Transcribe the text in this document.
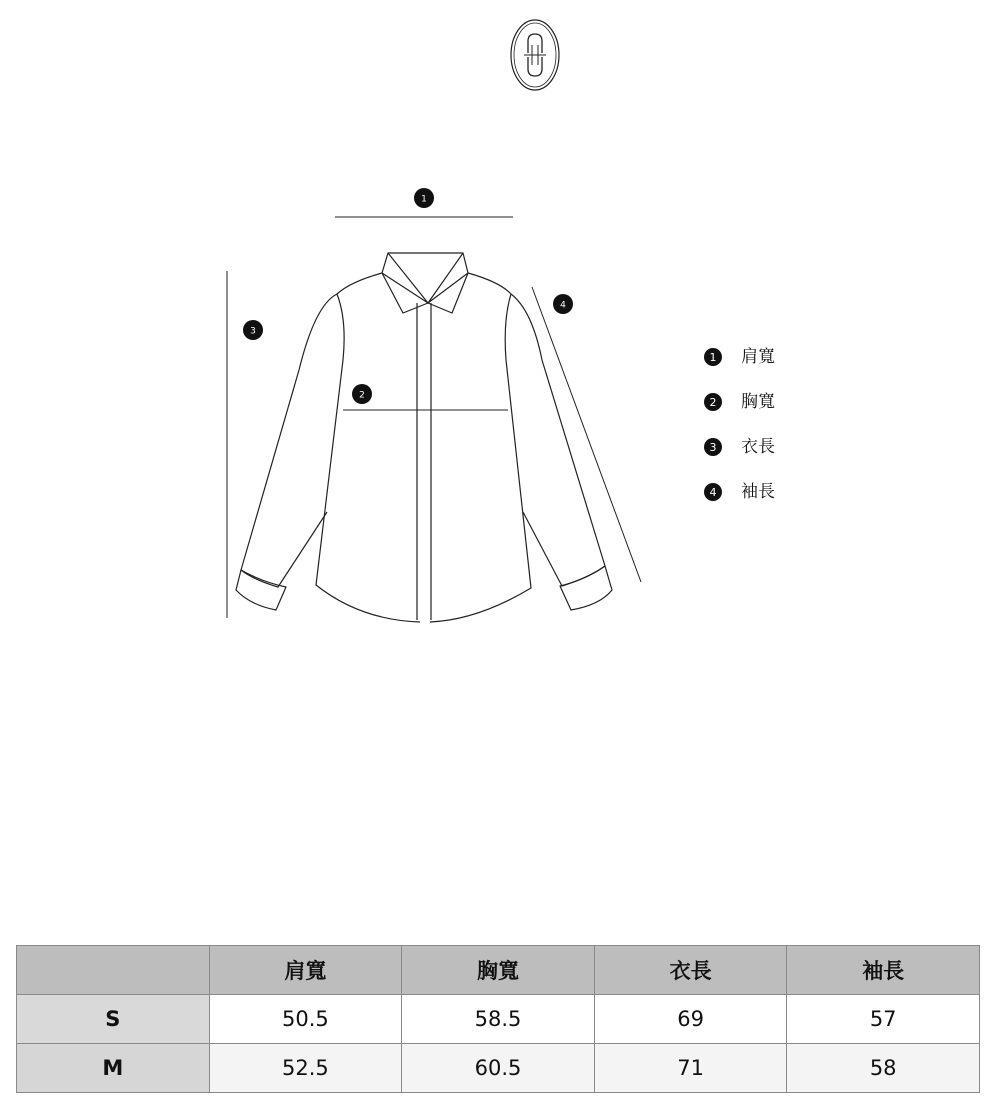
1
2
3
4
1	肩寬
2	胸寬
3	衣長
4	袖長
	肩寬	胸寬	衣長	袖長
S	50.5	58.5	69	57
M	52.5	60.5	71	58
